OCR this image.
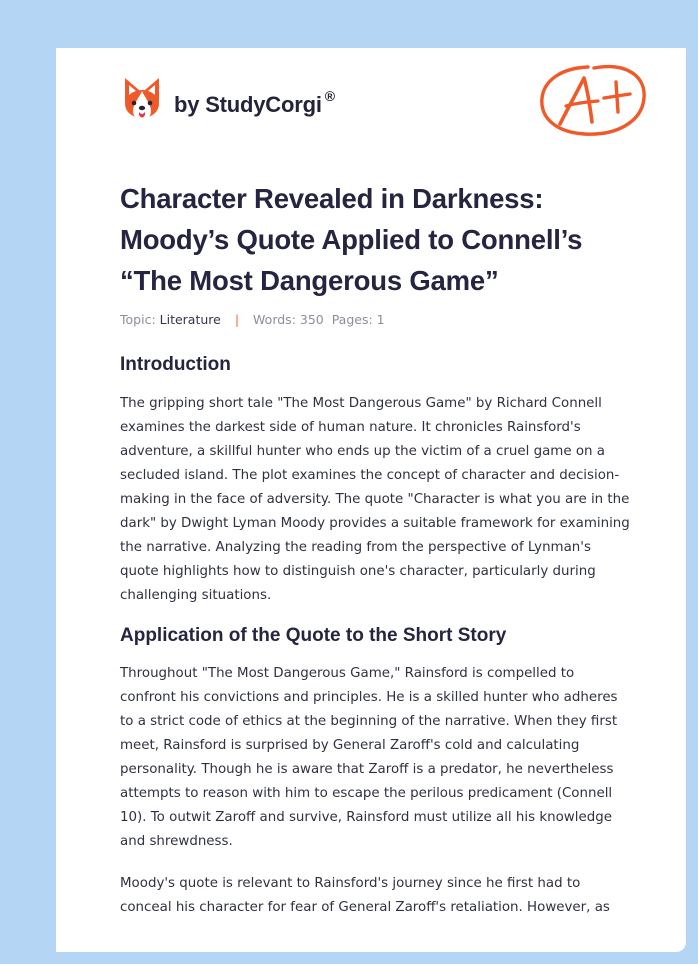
by StudyCorgi ®
Character Revealed in Darkness: Moody’s Quote Applied to Connell’s “The Most Dangerous Game”
Topic: Literature | Words: 350 Pages: 1
Introduction

The gripping short tale "The Most Dangerous Game" by Richard Connell examines the darkest side of human nature. It chronicles Rainsford's adventure, a skillful hunter who ends up the victim of a cruel game on a secluded island. The plot examines the concept of character and decision-making in the face of adversity. The quote "Character is what you are in the dark" by Dwight Lyman Moody provides a suitable framework for examining the narrative. Analyzing the reading from the perspective of Lynman's quote highlights how to distinguish one's character, particularly during challenging situations.

Application of the Quote to the Short Story

Throughout "The Most Dangerous Game," Rainsford is compelled to confront his convictions and principles. He is a skilled hunter who adheres to a strict code of ethics at the beginning of the narrative. When they first meet, Rainsford is surprised by General Zaroff's cold and calculating personality. Though he is aware that Zaroff is a predator, he nevertheless attempts to reason with him to escape the perilous predicament (Connell 10). To outwit Zaroff and survive, Rainsford must utilize all his knowledge and shrewdness.

Moody's quote is relevant to Rainsford's journey since he first had to conceal his character for fear of General Zaroff's retaliation. However, as
